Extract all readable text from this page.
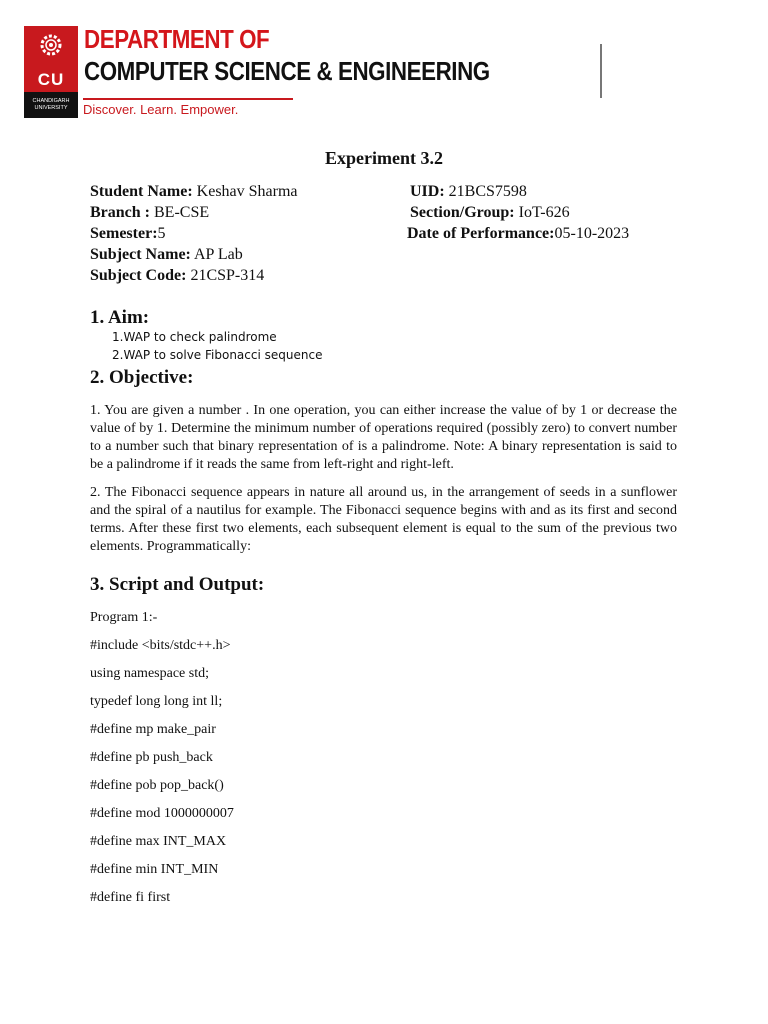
CU
CHANDIGARH UNIVERSITY
DEPARTMENT OF
COMPUTER SCIENCE & ENGINEERING
Discover. Learn. Empower.
Experiment 3.2
Student Name: Keshav Sharma	UID: 21BCS7598
Branch : BE-CSE	Section/Group: IoT-626
Semester:5	Date of Performance:05-10-2023
Subject Name: AP Lab
Subject Code: 21CSP-314
1. Aim:
1.WAP to check palindrome
2.WAP to solve Fibonacci sequence
2. Objective:
1. You are given a number . In one operation, you can either increase the value of by 1 or decrease the value of by 1. Determine the minimum number of operations required (possibly zero) to convert number to a number such that binary representation of is a palindrome. Note: A binary representation is said to be a palindrome if it reads the same from left-right and right-left.
2. The Fibonacci sequence appears in nature all around us, in the arrangement of seeds in a sunflower and the spiral of a nautilus for example. The Fibonacci sequence begins with and as its first and second terms. After these first two elements, each subsequent element is equal to the sum of the previous two elements. Programmatically:
3. Script and Output:
Program 1:-
#include <bits/stdc++.h>
using namespace std;
typedef long long int ll;
#define mp make_pair
#define pb push_back
#define pob pop_back()
#define mod 1000000007
#define max INT_MAX
#define min INT_MIN
#define fi first
